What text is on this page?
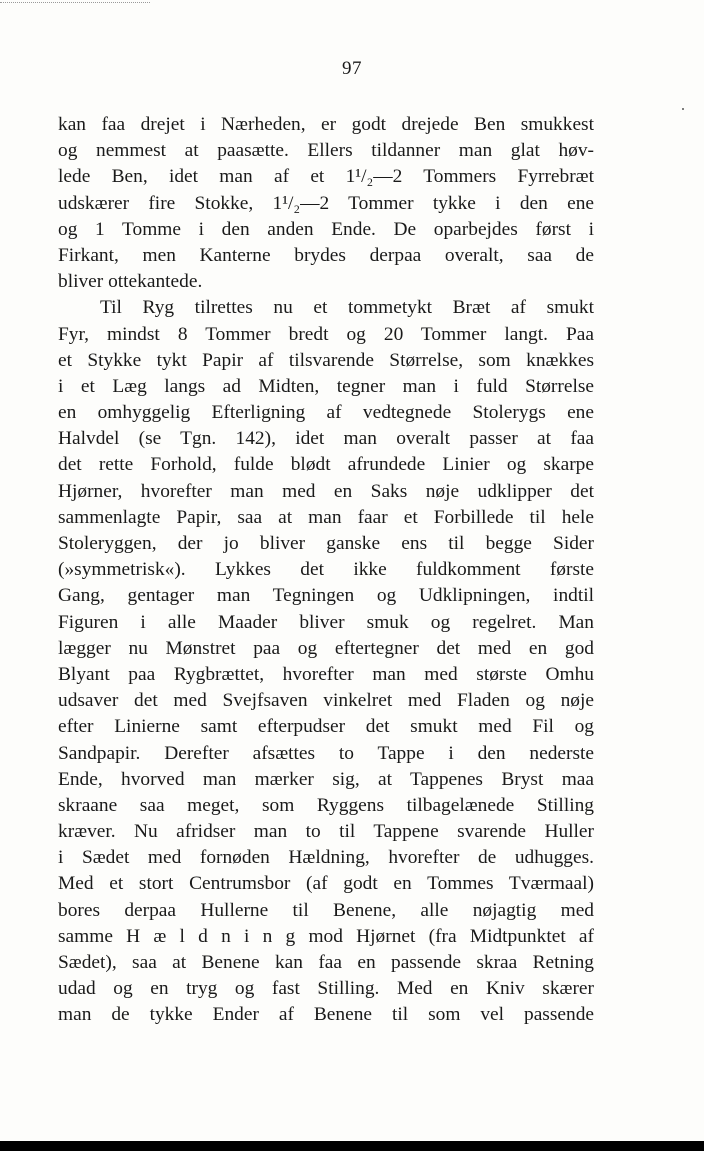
97
kan faa drejet i Nærheden, er godt drejede Ben smukkest
og nemmest at paasætte. Ellers tildanner man glat høv-
lede Ben, idet man af et 1¹/₂—2 Tommers Fyrrebræt
udskærer fire Stokke, 1¹/₂—2 Tommer tykke i den ene
og 1 Tomme i den anden Ende. De oparbejdes først i
Firkant, men Kanterne brydes derpaa overalt, saa de
bliver ottekantede.
Til Ryg tilrettes nu et tommetykt Bræt af smukt
Fyr, mindst 8 Tommer bredt og 20 Tommer langt. Paa
et Stykke tykt Papir af tilsvarende Størrelse, som knækkes
i et Læg langs ad Midten, tegner man i fuld Størrelse
en omhyggelig Efterligning af vedtegnede Stolerygs ene
Halvdel (se Tgn. 142), idet man overalt passer at faa
det rette Forhold, fulde blødt afrundede Linier og skarpe
Hjørner, hvorefter man med en Saks nøje udklipper det
sammenlagte Papir, saa at man faar et Forbillede til hele
Stoleryggen, der jo bliver ganske ens til begge Sider
(»symmetrisk«). Lykkes det ikke fuldkomment første
Gang, gentager man Tegningen og Udklipningen, indtil
Figuren i alle Maader bliver smuk og regelret. Man
lægger nu Mønstret paa og eftertegner det med en god
Blyant paa Rygbrættet, hvorefter man med største Omhu
udsaver det med Svejfsaven vinkelret med Fladen og nøje
efter Linierne samt efterpudser det smukt med Fil og
Sandpapir. Derefter afsættes to Tappe i den nederste
Ende, hvorved man mærker sig, at Tappenes Bryst maa
skraane saa meget, som Ryggens tilbagelænede Stilling
kræver. Nu afridser man to til Tappene svarende Huller
i Sædet med fornøden Hældning, hvorefter de udhugges.
Med et stort Centrumsbor (af godt en Tommes Tværmaal)
bores derpaa Hullerne til Benene, alle nøjagtig med
samme H æ l d n i n g mod Hjørnet (fra Midtpunktet af
Sædet), saa at Benene kan faa en passende skraa Retning
udad og en tryg og fast Stilling. Med en Kniv skærer
man de tykke Ender af Benene til som vel passende
